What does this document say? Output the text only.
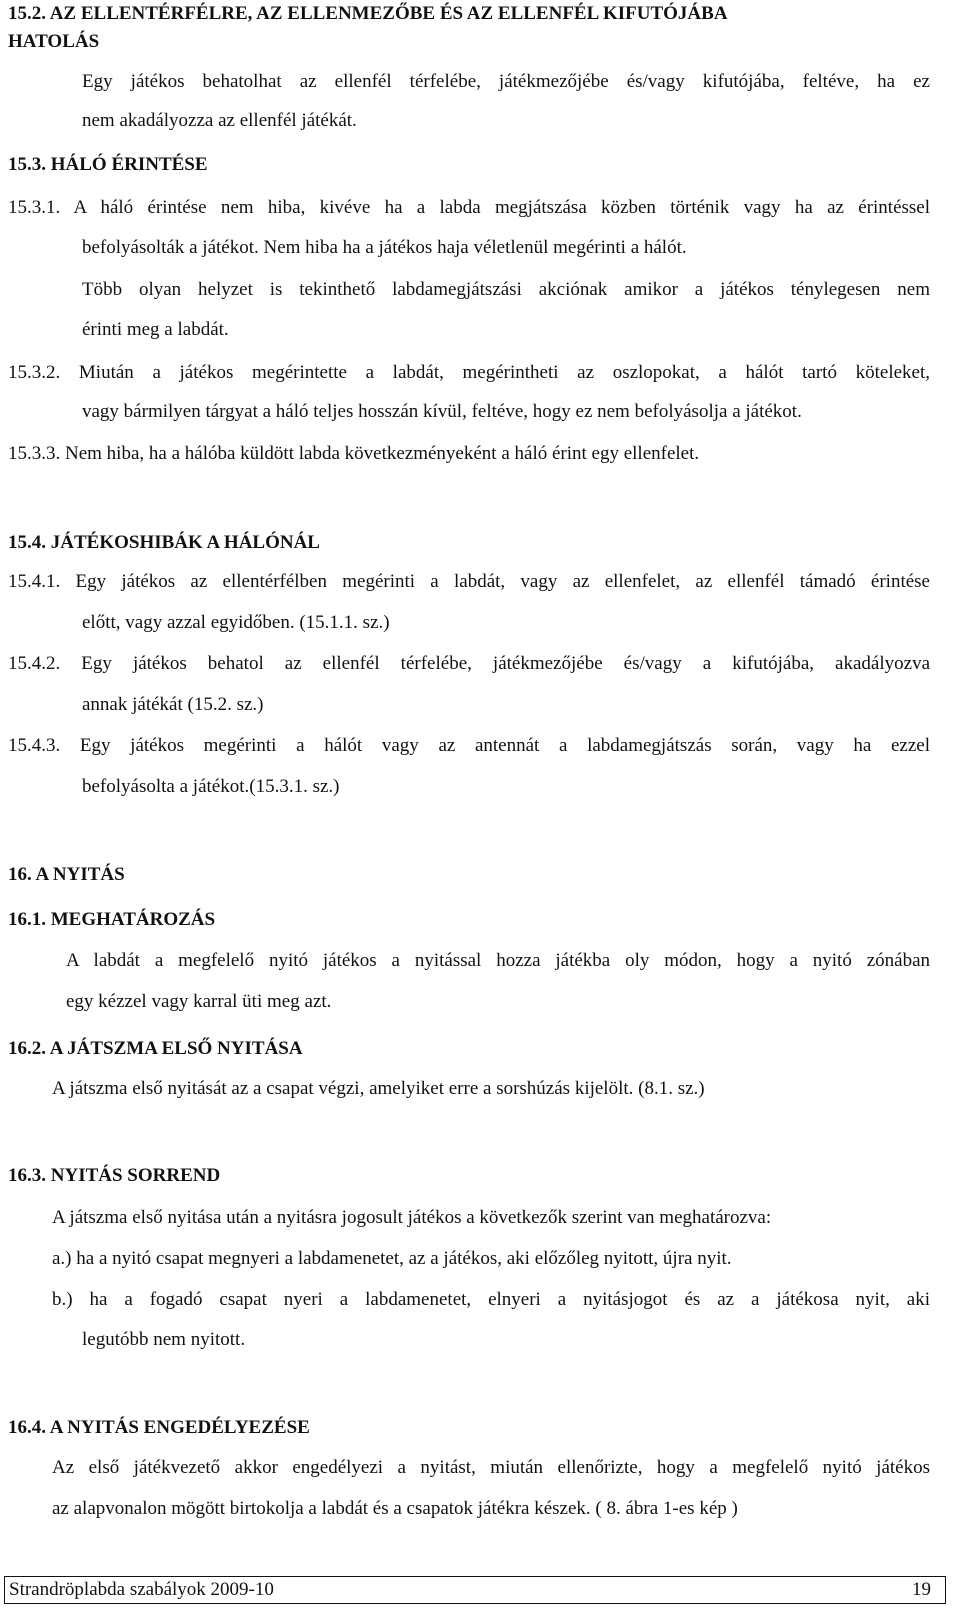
15.2. AZ ELLENTÉRFÉLRE, AZ ELLENMEZŐBE ÉS AZ ELLENFÉL KIFUTÓJÁBA
HATOLÁS
Egy játékos behatolhat az ellenfél térfelébe, játékmezőjébe és/vagy kifutójába, feltéve, ha ez
nem akadályozza az ellenfél játékát.
15.3. HÁLÓ ÉRINTÉSE
15.3.1. A háló érintése nem hiba, kivéve ha a labda megjátszása közben történik vagy ha az érintéssel
befolyásolták a játékot. Nem hiba ha a játékos haja véletlenül megérinti a hálót.
Több olyan helyzet is tekinthető labdamegjátszási akciónak amikor a játékos ténylegesen nem
érinti meg a labdát.
15.3.2. Miután a játékos megérintette a labdát, megérintheti az oszlopokat, a hálót tartó köteleket,
vagy bármilyen tárgyat a háló teljes hosszán kívül, feltéve, hogy ez nem befolyásolja a játékot.
15.3.3. Nem hiba, ha a hálóba küldött labda következményeként a háló érint egy ellenfelet.
15.4. JÁTÉKOSHIBÁK A HÁLÓNÁL
15.4.1. Egy játékos az ellentérfélben megérinti a labdát, vagy az ellenfelet, az ellenfél támadó érintése
előtt, vagy azzal egyidőben. (15.1.1. sz.)
15.4.2. Egy játékos behatol az ellenfél térfelébe, játékmezőjébe és/vagy a kifutójába, akadályozva
annak játékát (15.2. sz.)
15.4.3. Egy játékos megérinti a hálót vagy az antennát a labdamegjátszás során, vagy ha ezzel
befolyásolta a játékot.(15.3.1. sz.)
16. A NYITÁS
16.1. MEGHATÁROZÁS
A labdát a megfelelő nyitó játékos a nyitással hozza játékba oly módon, hogy a nyitó zónában
egy kézzel vagy karral üti meg azt.
16.2. A JÁTSZMA ELSŐ NYITÁSA
A játszma első nyitását az a csapat végzi, amelyiket erre a sorshúzás kijelölt. (8.1. sz.)
16.3. NYITÁS SORREND
A játszma első nyitása után a nyitásra jogosult játékos a következők szerint van meghatározva:
a.) ha a nyitó csapat megnyeri a labdamenetet, az a játékos, aki előzőleg nyitott, újra nyit.
b.) ha a fogadó csapat nyeri a labdamenetet, elnyeri a nyitásjogot és az a játékosa nyit, aki
legutóbb nem nyitott.
16.4. A NYITÁS ENGEDÉLYEZÉSE
Az első játékvezető akkor engedélyezi a nyitást, miután ellenőrizte, hogy a megfelelő nyitó játékos
az alapvonalon mögött birtokolja a labdát és a csapatok játékra készek. ( 8. ábra 1-es kép )
Strandröplabda szabályok 2009-10	19
